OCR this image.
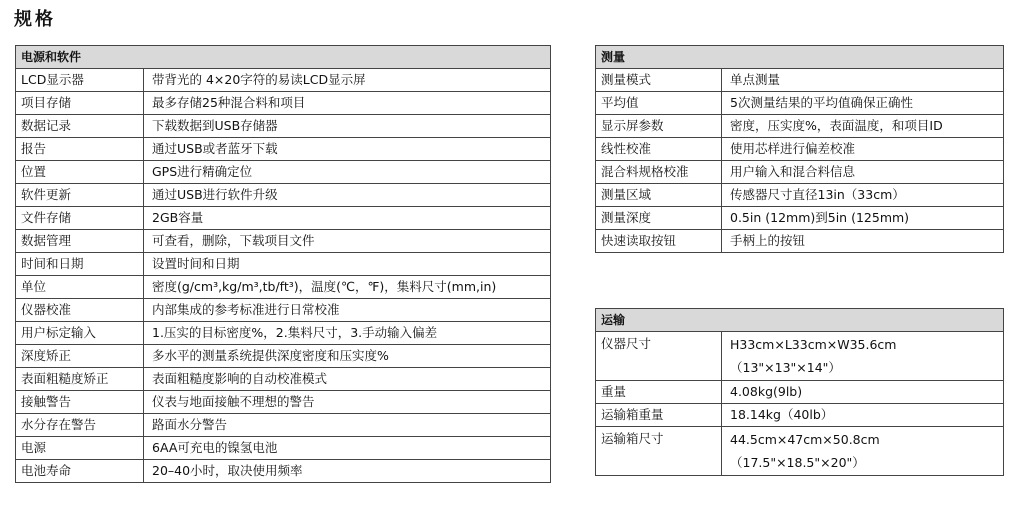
规格
电源和软件	
LCD显示器	带背光的 4×20字符的易读LCD显示屏
项目存储	最多存储25种混合料和项目
数据记录	下载数据到USB存储器
报告	通过USB或者蓝牙下载
位置	GPS进行精确定位
软件更新	通过USB进行软件升级
文件存储	2GB容量
数据管理	可查看，删除，下载项目文件
时间和日期	设置时间和日期
单位	密度(g/cm³,kg/m³,tb/ft³)，温度(℃，℉)，集料尺寸(mm,in)
仪器校准	内部集成的参考标准进行日常校准
用户标定输入	1.压实的目标密度%，2.集料尺寸，3.手动输入偏差
深度矫正	多水平的测量系统提供深度密度和压实度%
表面粗糙度矫正	表面粗糙度影响的自动校准模式
接触警告	仪表与地面接触不理想的警告
水分存在警告	路面水分警告
电源	6AA可充电的镍氢电池
电池寿命	20–40小时，取决使用频率
测量	
测量模式	单点测量
平均值	5次测量结果的平均值确保正确性
显示屏参数	密度，压实度%，表面温度，和项目ID
线性校准	使用芯样进行偏差校准
混合料规格校准	用户输入和混合料信息
测量区域	传感器尺寸直径13in（33cm）
测量深度	0.5in (12mm)到5in (125mm)
快速读取按钮	手柄上的按钮
运输	
仪器尺寸	H33cm×L33cm×W35.6cm
（13"×13"×14"）

重量	4.08kg(9lb)
运输箱重量	18.14kg（40lb）
运输箱尺寸	44.5cm×47cm×50.8cm
（17.5"×18.5"×20"）
